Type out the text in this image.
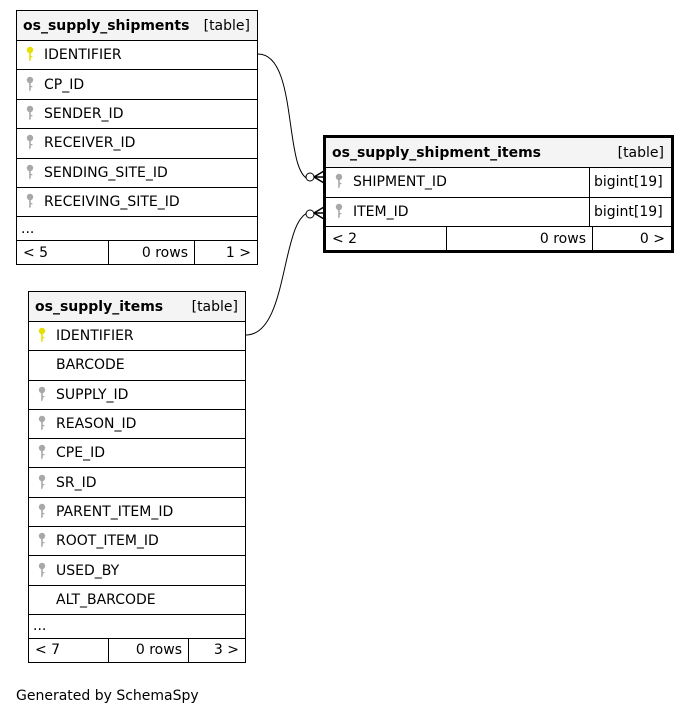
os_supply_shipments [table]
IDENTIFIER
CP_ID
SENDER_ID
RECEIVER_ID
SENDING_SITE_ID
RECEIVING_SITE_ID
...
< 5	0 rows	1 >
os_supply_shipment_items	[table]
SHIPMENT_ID	bigint[19]
ITEM_ID	bigint[19]
< 2	0 rows	0 >
os_supply_items [table]
IDENTIFIER
BARCODE
SUPPLY_ID
REASON_ID
CPE_ID
SR_ID
PARENT_ITEM_ID
ROOT_ITEM_ID
USED_BY
ALT_BARCODE
...
< 7	0 rows	3 >
Generated by SchemaSpy
